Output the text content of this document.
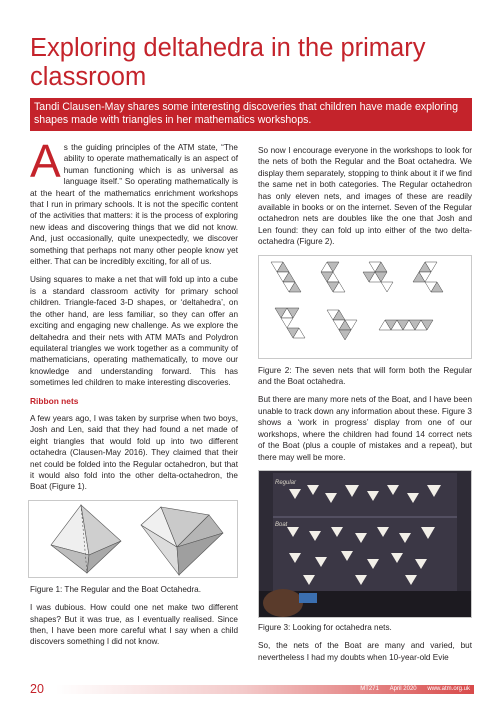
Exploring deltahedra in the primary classroom
Tandi Clausen-May shares some interesting discoveries that children have made exploring shapes made with triangles in her mathematics workshops.

As the guiding principles of the ATM state, “The ability to operate mathematically is an aspect of human functioning which is as universal as language itself.” So operating mathematically is at the heart of the mathematics enrichment workshops that I run in primary schools. It is not the specific content of the activities that matters: it is the process of exploring new ideas and discovering things that we did not know. And, just occasionally, quite unexpectedly, we discover something that perhaps not many other people know yet either. That can be incredibly exciting, for all of us.

Using squares to make a net that will fold up into a cube is a standard classroom activity for primary school children. Triangle-faced 3-D shapes, or ‘deltahedra’, on the other hand, are less familiar, so they can offer an exciting and engaging new challenge. As we explore the deltahedra and their nets with ATM MATs and Polydron equilateral triangles we work together as a community of mathematicians, operating mathematically, to move our knowledge and understanding forward. This has sometimes led children to make interesting discoveries.

Ribbon nets

A few years ago, I was taken by surprise when two boys, Josh and Len, said that they had found a net made of eight triangles that would fold up into two different octahedra (Clausen-May 2016). They claimed that their net could be folded into the Regular octahedron, but that it would also fold into the other delta-octahedron, the Boat (Figure 1).

Figure 1: The Regular and the Boat Octahedra.

I was dubious. How could one net make two different shapes? But it was true, as I eventually realised. Since then, I have been more careful what I say when a child discovers something I did not know.

So now I encourage everyone in the workshops to look for the nets of both the Regular and the Boat octahedra. We display them separately, stopping to think about it if we find the same net in both categories. The Regular octahedron has only eleven nets, and images of these are readily available in books or on the internet. Seven of the Regular octahedron nets are doubles like the one that Josh and Len found: they can fold up into either of the two delta-octahedra (Figure 2).

Figure 2: The seven nets that will form both the Regular and the Boat octahedra.

But there are many more nets of the Boat, and I have been unable to track down any information about these. Figure 3 shows a ‘work in progress’ display from one of our workshops, where the children had found 14 correct nets of the Boat (plus a couple of mistakes and a repeat), but there may well be more.

Regular
Boat
Figure 3: Looking for octahedra nets.

So, the nets of the Boat are many and varied, but nevertheless I had my doubts when 10-year-old Evie

20	MT271 April 2020 www.atm.org.uk
